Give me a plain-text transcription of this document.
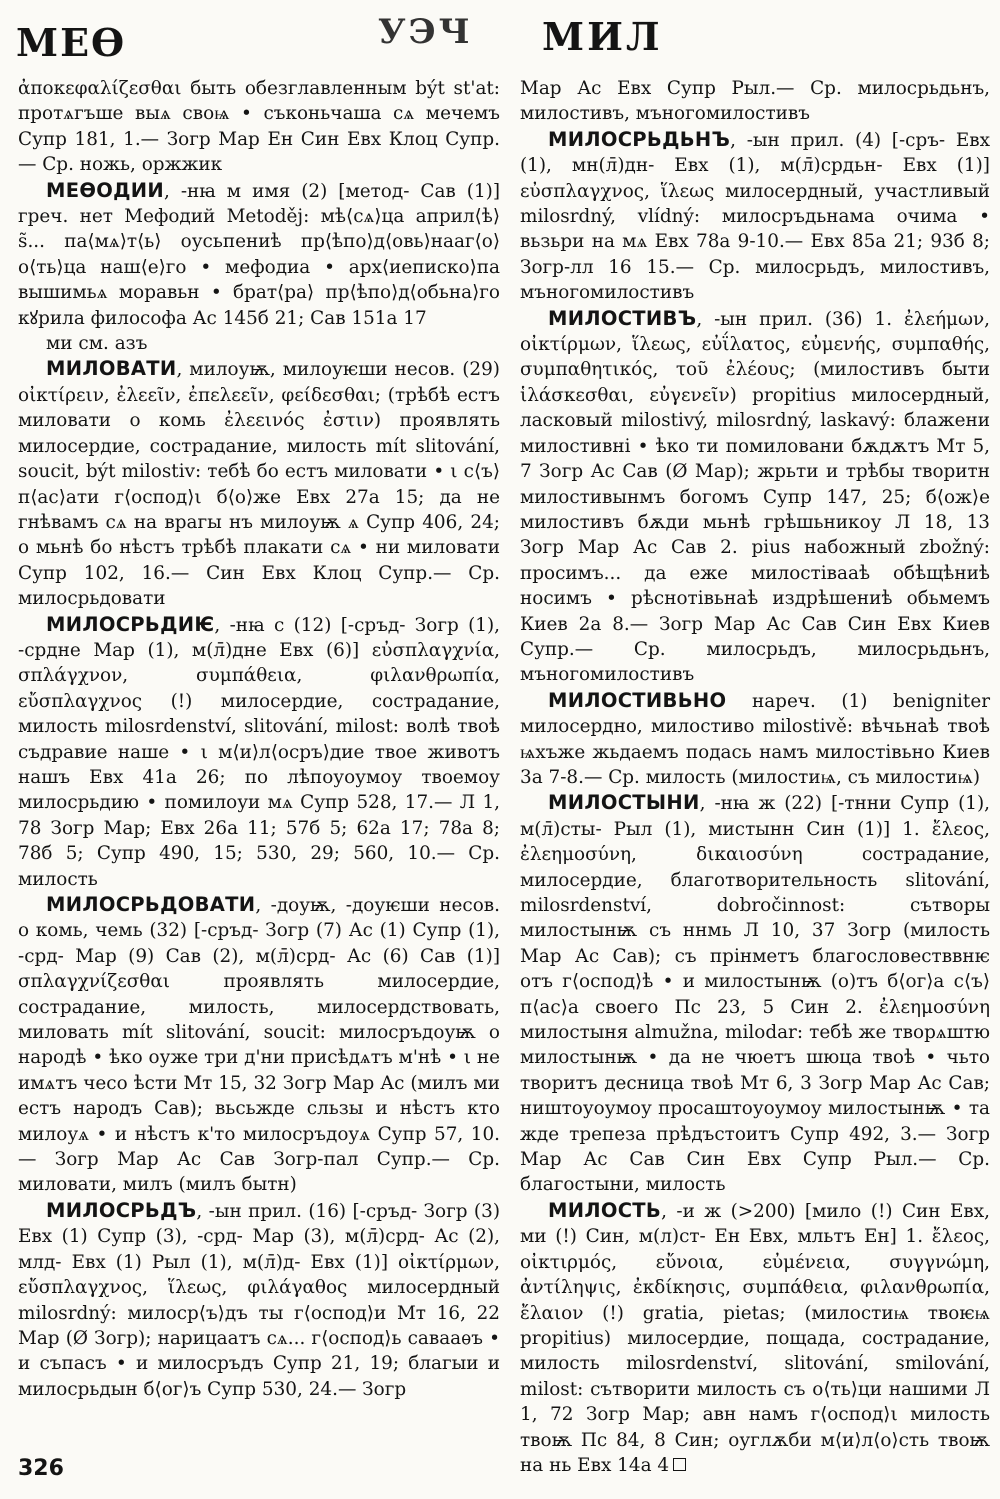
МЕѲ	УЭЧ МИЛ

ἀποκεφαλίζεσθαι быть обезглавленным být st'at: протѧгъше выѧ своѩ • съконьчаша сѧ мечемъ Супр 181, 1.— Зогр Мар Ен Син Евх Клоц Супр.— Ср. ножь, оржжик

МЕѲОДИИ, -нꙗ м имя (2) [метод- Сав (1)] греч. нет Мефодий Metoděj: мѣ⟨сѧ⟩ца април⟨ѣ⟩ ѕ̃... па⟨мѧ⟩т⟨ь⟩ оусьпениѣ пр⟨ѣпо⟩д⟨овь⟩нааг⟨о⟩ о⟨ть⟩ца наш⟨е⟩го • мефодиа • арх⟨иеписко⟩па вышимьѧ моравьн • брат⟨ра⟩ пр⟨ѣпо⟩д⟨обьна⟩го кꙋрила философа Ас 145б 21; Сав 151а 17

ми см. азъ

МИЛОВАТИ, милоуѭ, милоуѥши несов. (29) οἰκτίρειν, ἐλεεῖν, ἐπελεεῖν, φείδεσθαι; (трѣбѣ естъ миловати о комь ἐλεεινός ἐστιν) проявлять милосердие, сострадание, милость mít slitování, soucit, být milostiv: тебѣ бо естъ миловати • ι с⟨ъ⟩п⟨ас⟩ати г⟨оспод⟩ι б⟨о⟩же Евх 27а 15; да не гнѣвамъ сѧ на врагы нъ милоуѭ ѧ Супр 406, 24; о мьнѣ бо нѣстъ трѣбѣ плакати сѧ • ни миловати Супр 102, 16.— Син Евх Клоц Супр.— Ср. милосрьдовати

МИЛОСРЬДИѤ, -нꙗ с (12) [-сръд- Зогр (1), -срдне Мар (1), м(л̄)дне Евх (6)] εὐσπλαγχνία, σπλάγχνον, συμπάθεια, φιλανθρωπία, εὔσπλαγχνος (!) милосердие, сострадание, милость milosrdenství, slitování, milost: волѣ твоѣ съдравие наше • ι м⟨и⟩л⟨осръ⟩дие твое животъ нашъ Евх 41а 26; по лѣпоуоумоу твоемоу милосрьдию • помилоуи мѧ Супр 528, 17.— Л 1, 78 Зогр Мар; Евх 26а 11; 57б 5; 62а 17; 78а 8; 78б 5; Супр 490, 15; 530, 29; 560, 10.— Ср. милость

МИЛОСРЬДОВАТИ, -доуѭ, -доуѥши несов. о комь, чемь (32) [-сръд- Зогр (7) Ас (1) Супр (1), -срд- Мар (9) Сав (2), м(л̄)срд- Ас (6) Сав (1)] σπλαγχνίζεσθαι проявлять милосердие, сострадание, милость, милосердствовать, миловать mít slitování, soucit: милосръдоуѭ о народѣ • ѣко оуже три д'ни присѣдѧтъ м'нѣ • ι не имѧтъ чесо ѣсти Мт 15, 32 Зогр Мар Ас (милъ ми естъ народъ Сав); вьсьжде сльзы и нѣстъ кто милоуѧ • и нѣстъ к'то милосръдоуѧ Супр 57, 10.— Зогр Мар Ас Сав Зогр-пал Супр.— Ср. миловати, милъ (милъ бытн)

МИЛОСРЬДЪ, -ын прил. (16) [-сръд- Зогр (3) Евх (1) Супр (3), -срд- Мар (3), м(л̄)срд- Ас (2), млд- Евх (1) Рыл (1), м(л̄)д- Евх (1)] οἰκτίρμων, εὔσπλαγχνος, ἵλεως, φιλάγαθος милосердный milosrdný: милоср⟨ъ⟩дъ ты г⟨оспод⟩и Мт 16, 22 Мар (Ø Зогр); нарицаатъ сѧ... г⟨оспод⟩ь савааѳъ • и съпасъ • и милосръдъ Супр 21, 19; благыи и милосрьдын б⟨ог⟩ъ Супр 530, 24.— Зогр

Мар Ас Евх Супр Рыл.— Ср. милосрьдьнъ, милостивъ, мъногомилостивъ

МИЛОСРЬДЬНЪ, -ын прил. (4) [-сръ- Евх (1), мн(л̄)дн- Евх (1), м(л̄)срдьн- Евх (1)] εὐσπλαγχνος, ἵλεως милосердный, участливый milosrdný, vlídný: милосръдьнама очима • вьзьри на мѧ Евх 78а 9-10.— Евх 85а 21; 93б 8; Зогр-лл 16 15.— Ср. милосрьдъ, милостивъ, мъногомилостивъ

МИЛОСТИВЪ, -ын прил. (36) 1. ἐλεήμων, οἰκτίρμων, ἵλεως, εὐΐλατος, εὐμενής, συμπαθής, συμπαθητικός, τοῦ ἐλέους; (милостивъ быти ἱλάσκεσθαι, εὐγενεῖν) propitius милосердный, ласковый milostivý, milosrdný, laskavý: блажени милостивні • ѣко ти помиловани бѫдѫтъ Мт 5, 7 Зогр Ас Сав (Ø Мар); жрьти и трѣбы творитн милостивынмъ богомъ Супр 147, 25; б⟨ож⟩е милостивъ бѫди мьнѣ грѣшьникоу Л 18, 13 Зогр Мар Ас Сав 2. pius набожный zbožný: просимъ... да еже милостівааѣ обѣщѣниѣ носимъ • рѣснотівьнаѣ издрѣшениѣ обьмемъ Киев 2а 8.— Зогр Мар Ас Сав Син Евх Киев Супр.— Ср. милосрьдъ, милосрьдьнъ, мъногомилостивъ

МИЛОСТИВЬНО нареч. (1) benigniter милосердно, милостиво milostivě: вѣчьнаѣ твоѣ ѩхъже жьдаемъ подась намъ милостівьно Киев 3а 7-8.— Ср. милость (милостиѩ, съ милостиѩ)

МИЛОСТЫНИ, -нꙗ ж (22) [-тнни Супр (1), м(л̄)сты- Рыл (1), мистынн Син (1)] 1. ἔλεος, ἐλεημοσύνη, δικαιοσύνη сострадание, милосердие, благотворительность slitování, milosrdenství, dobročinnost: сътворы милостынѭ съ ннмь Л 10, 37 Зогр (милость Мар Ас Сав); съ прінметъ благословестввнѥ отъ г⟨оспод⟩ѣ • и милостынѭ (о)тъ б⟨ог⟩а с⟨ъ⟩п⟨ас⟩а своего Пс 23, 5 Син 2. ἐλεημοσύνη милостыня almužna, milodar: тебѣ же творѧштю милостынѭ • да не чюетъ шюца твоѣ • чьто творитъ десница твоѣ Мт 6, 3 Зогр Мар Ас Сав; ништоуоумоу просаштоуоумоу милостынѭ • та жде трепеза прѣдъстоитъ Супр 492, 3.— Зогр Мар Ас Сав Син Евх Супр Рыл.— Ср. благостыни, милость

МИЛОСТЬ, -и ж (>200) [мило (!) Син Евх, ми (!) Син, м(л)ст- Ен Евх, мльтъ Ен] 1. ἔλεος, οἰκτιρμός, εὔνοια, εὐμένεια, συγγνώμη, ἀντίληψις, ἐκδίκησις, συμπάθεια, φιλανθρωπία, ἔλαιον (!) gratia, pietas; (милостиѩ твоѥѩ propitius) милосердие, пощада, сострадание, милость milosrdenství, slitování, smilování, milost: сътворити милость съ о⟨ть⟩ци нашими Л 1, 72 Зогр Мар; авн намъ г⟨оспод⟩ι милость твоѭ Пс 84, 8 Син; оуглѫби м⟨и⟩л⟨о⟩сть твоѭ на нь Евх 14а 4

326
